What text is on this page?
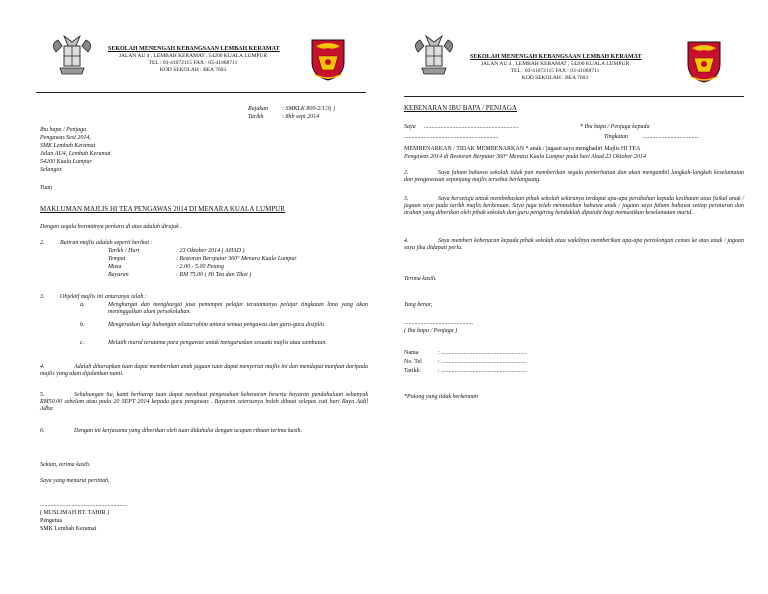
SEKOLAH MENENGAH KEBANGSAAN LEMBAH KERAMAT
JALAN AU 4 , LEMBAH KERAMAT , 54200 KUALA LUMPUR
TEL : 03-41072115 FAX : 03-41068711
KOD SEKOLAH : BEA 7603
Rujukan : SMKLK 800-2/1/3( )
Tarikh	: 8hb sept 2014
Ibu bapa / Penjaga
Pengawas Sesi 2014,
SMK Lembah Keramat
Jalan AU4, Lembah Keramat
54200 Kuala Lumpur
Selangor.
Tuan
MAKLUMAN MAJLIS HI TEA PENGAWAS 2014 DI MENARA KUALA LUMPUR
Dengan segala hormatnya perkara di atas adalah dirujuk .
2.	Butiran majlis adalah seperti berikut :
Tarikh / Hari	: 23 Oktober 2014 ( AHAD )
Tempat	: Restoran Bersputar 360° Menara Kuala Lumpur
Masa	: 2.00 - 5.00 Petang
Bayaran	: RM 75.00 ( Hi Tea dan Tiket )
3.	Objektif majlis ini antaranya ialah :
a.	Menghargai dan menghargai jasa pemimpin pelajar terutamanya pelajar tingkatan lima yang akan meninggalkan alam persekolahan.
b.	Mengeratkan lagi hubungan silaturrahim antara semua pengawas dan guru-guru disiplin.
c.	Melatih murid terutama para pengawas untuk menguruskan sesuatu majlis atau sambutan.
4.	Adalah diharapkan tuan dapat memberikan anak jagaan tuan dapat menyertai majlis ini dan mendapat manfaat daripada majlis yang akan dijalankan nanti.
5.	Sehubungan itu, kami berharap tuan dapat membuat pengesahan kebenaran beserta bayaran pendahuluan sebanyak RM50.00 sebelum atau pada 20 SEPT 2014 kepada guru pengawas . Bayaran seterusnya boleh dibuat selepas cuti hari Raya Aidil Adha.
6.	Dengan ini kerjasama yang diberikan oleh tuan didahului dengan ucapan ribuan terima kasih.
Sekian, terima kasih.
Saya yang menurut perintah,
..........................................................
( MUSLIMAH BT. TAHIR )
Pengetua
SMK Lembah Keramat
SEKOLAH MENENGAH KEBANGSAAN LEMBAH KERAMAT
JALAN AU 4 , LEMBAH KERAMAT , 54200 KUALA LUMPUR
TEL : 03-41072115 FAX : 03-41068711
KOD SEKOLAH : BEA 7603
KEBENARAN IBU BAPA / PENJAGA
Saya ...............................................................	* Ibu bapa / Penjaga kepada
...............................................................	Tingkatan ......................................
MEMBENARKAN / TIDAK MEMBENARKAN * anak / jagaan saya menghadiri Majlis HI TEA
Pengawas 2014 di Restoran Berputar 360° Menara Kuala Lumpur pada hari Ahad 23 Oktober 2014
2.	Saya faham bahawa sekolah tidak pun memberikan segala pemerhatian dan akan mengambil langkah-langkah keselamatan dan pengawasan sepanjang majlis tersebut berlangsung.
3.	Saya bersetuju untuk membebaskan pihak sekolah sekiranya terdapat apa-apa perubahan kepada kesihatan atau fizikal anak / jagaan saya pada tarikh majlis berkenaan. Saya juga telah memastikan bahawa anak / jagaan saya faham bahawa setiap peraturan dan arahan yang diberikan oleh pihak sekolah dan guru pengiring hendaklah dipatuhi bagi memastikan keselamatan murid.
4.	Saya memberi kebenaran kepada pihak sekolah atau wakilnya memberikan apa-apa pertolongan cemas ke atas anak / jagaan saya jika didapati perlu.
Terima kasih.
Yang benar,
..............................................
( Ibu bapa / Penjaga )
Nama	: .........................................................
No. Tel	: .........................................................
Tarikh	: .........................................................
*Potong yang tidak berkenaan
